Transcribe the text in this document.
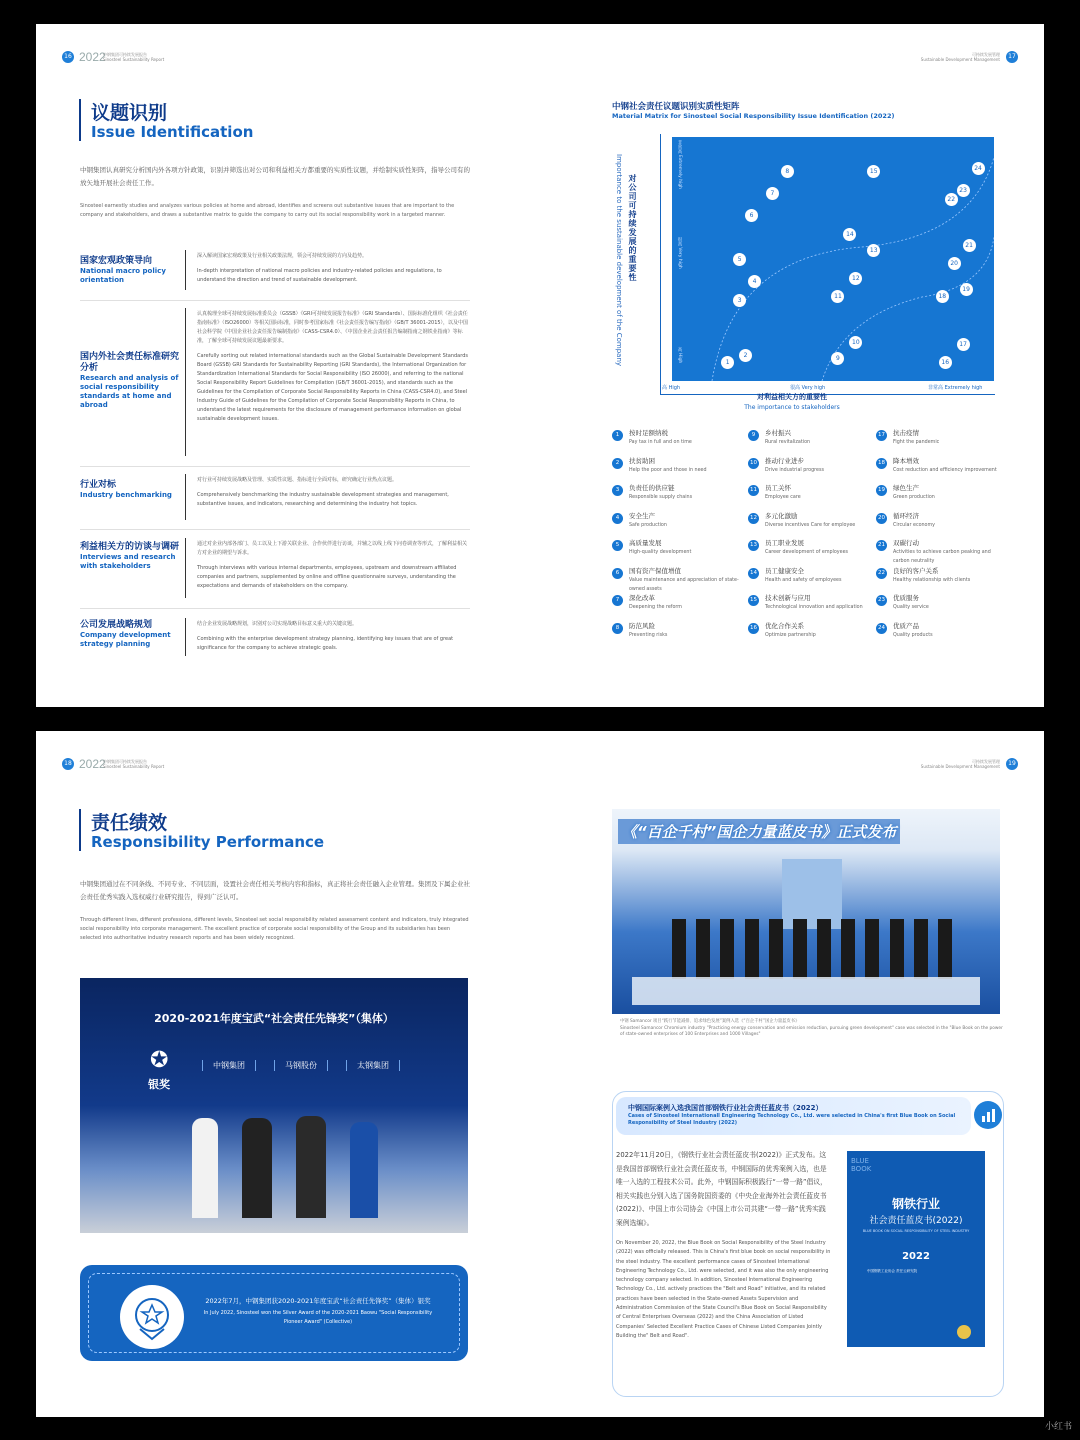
16 2022
中钢集团可持续发展报告
Sinosteel Sustainability Report
议题识别
Issue Identification
中钢集团认真研究分析国内外各项方针政策，识别并筛选出对公司和利益相关方都重要的实质性议题，并绘制实质性矩阵，指导公司有的放矢地开展社会责任工作。
Sinosteel earnestly studies and analyzes various policies at home and abroad, identifies and screens out substantive issues that are important to the company and stakeholders, and draws a substantive matrix to guide the company to carry out its social responsibility work in a targeted manner.
国家宏观政策导向
National macro policy orientation

深入解读国家宏观政策及行业相关政策法规，领会可持续发展的方向及趋势。

In-depth interpretation of national macro policies and industry-related policies and regulations, to understand the direction and trend of sustainable development.

国内外社会责任标准研究分析
Research and analysis of social responsibility standards at home and abroad

认真梳理全球可持续发展标准委员会（GSSB）《GRI可持续发展报告标准》（GRI Standards）、国际标准化组织《社会责任指南标准》（ISO26000）等相关国际标准，同时参考国家标准《社会责任报告编写指南》（GB/T 36001-2015），以及中国社会科学院《中国企业社会责任报告编制指南》（CASS-CSR4.0）、《中国企业社会责任报告编制指南之钢铁业指南》等标准，了解全球可持续发展议题最新要求。

Carefully sorting out related international standards such as the Global Sustainable Development Standards Board (GSSB) GRI Standards for Sustainability Reporting (GRI Standards), the International Organization for Standardization International Standards for Social Responsibility (ISO 26000), and referring to the national Social Responsibility Report Guidelines for Compilation (GB/T 36001-2015), and standards such as the Guidelines for the Compilation of Corporate Social Responsibility Reports in China (CASS-CSR4.0), and Steel Industry Guide of Guidelines for the Compilation of Corporate Social Responsibility Reports in China, to understand the latest requirements for the disclosure of management performance information on global sustainable development issues.

行业对标
Industry benchmarking

对行业可持续发展战略及管理、实质性议题、指标进行全面对标，研究确定行业热点议题。

Comprehensively benchmarking the industry sustainable development strategies and management, substantive issues, and indicators, researching and determining the industry hot topics.

利益相关方的访谈与调研
Interviews and research with stakeholders

通过对企业内部各部门、员工以及上下游关联企业、合作伙伴进行访谈，并辅之以线上线下问卷调查等形式，了解利益相关方对企业的期望与诉求。

Through interviews with various internal departments, employees, upstream and downstream affiliated companies and partners, supplemented by online and offline questionnaire surveys, understanding the expectations and demands of stakeholders on the company.

公司发展战略规划
Company development strategy planning

结合企业发展战略规划，识别对公司实现战略目标意义重大的关键议题。

Combining with the enterprise development strategy planning, identifying key issues that are of great significance for the company to achieve strategic goals.

可持续发展管理
Sustainable Development Management	17
中钢社会责任议题识别实质性矩阵
Material Matrix for Sinosteel Social Responsibility Issue Identification (2022)
Importance to the sustainable development of the Company 对公司可持续发展的重要性
非常高 Extremely high
很高 Very high
高 High	1
2
3
4
5
6
7
8
9
10
11
12
13
14
15
16
17
18
19
20
21
22
23
24
高 High	很高 Very high	非常高 Extremely high
对利益相关方的重要性
The importance to stakeholders
1	按时足额纳税
Pay tax in full and on time
2	扶贫助困
Help the poor and those in need
3	负责任的供应链
Responsible supply chains
4	安全生产
Safe production
5	高质量发展
High-quality development
6	国有资产保值增值
Value maintenance and appreciation of state-owned assets
7	深化改革
Deepening the reform
8	防范风险
Preventing risks
9	乡村振兴
Rural revitalization
10	推动行业进步
Drive industrial progress
11	员工关怀
Employee care
12	多元化激励
Diverse incentives Care for employee
13	员工职业发展
Career development of employees
14	员工健康安全
Health and safety of employees
15	技术创新与应用
Technological innovation and application
16	优化合作关系
Optimize partnership
17	抗击疫情
Fight the pandemic
18	降本增效
Cost reduction and efficiency improvement
19	绿色生产
Green production
20	循环经济
Circular economy
21	双碳行动
Activities to achieve carbon peaking and carbon neutrality
22	良好的客户关系
Healthy relationship with clients
23	优质服务
Quality service
24	优质产品
Quality products
18 2022
中钢集团可持续发展报告
Sinosteel Sustainability Report
责任绩效
Responsibility Performance
中钢集团通过在不同条线、不同专业、不同层面，设置社会责任相关考核内容和指标，真正将社会责任融入企业管理。集团及下属企业社会责任优秀实践入选权威行业研究报告，得到广泛认可。
Through different lines, different professions, different levels, Sinosteel set social responsibility related assessment content and indicators, truly integrated social responsibility into corporate management. The excellent practice of corporate social responsibility of the Group and its subsidiaries has been selected into authoritative industry research reports and has been widely recognized.
2020-2021年度宝武“社会责任先锋奖”（集体）
✪
银奖
中钢集团	马钢股份	太钢集团
2022年7月，中钢集团获2020-2021年度宝武“社会责任先锋奖”（集体）银奖
In July 2022, Sinosteel won the Silver Award of the 2020-2021 Baowu "Social Responsibility Pioneer Award" (Collective)
可持续发展管理
Sustainable Development Management	19
《“百企千村”国企力量蓝皮书》正式发布
中钢 Samancor 项目“践行节能减排、追求绿色发展”案例入选《“百企千村”国企力量蓝皮书》
Sinosteel Samancor Chromium industry "Practicing energy conservation and emission reduction, pursuing green development" case was selected in the "Blue Book on the power of state-owned enterprises of 100 Enterprises and 1000 Villages"
中钢国际案例入选我国首部钢铁行业社会责任蓝皮书（2022）
Cases of Sinosteel Internationall Engineering Technology Co., Ltd. were selected in China's first Blue Book on Social Responsibility of Steel Industry (2022)
2022年11月20日，《钢铁行业社会责任蓝皮书(2022)》正式发布。这是我国首部钢铁行业社会责任蓝皮书，中钢国际的优秀案例入选，也是唯一入选的工程技术公司。此外，中钢国际积极践行“一带一路”倡议，相关实践也分别入选了国务院国资委的《中央企业海外社会责任蓝皮书(2022)》、中国上市公司协会《中国上市公司共建“一带一路”优秀实践案例选编》。
On November 20, 2022, the Blue Book on Social Responsibility of the Steel Industry (2022) was officially released. This is China's first blue book on social responsibility in the steel industry. The excellent performance cases of Sinosteel International Engineering Technology Co., Ltd. were selected, and it was also the only engineering technology company selected. In addition, Sinosteel International Engineering Technology Co., Ltd. actively practices the "Belt and Road" initiative, and its related practices have been selected in the State-owned Assets Supervision and Administration Commission of the State Council's Blue Book on Social Responsibility of Central Enterprises Overseas (2022) and the China Association of Listed Companies' Selected Excellent Practice Cases of Chinese Listed Companies Jointly Building the" Belt and Road".
BLUE BOOK
钢铁行业
社会责任蓝皮书(2022)
BLUE BOOK ON SOCIAL RESPONSIBILITY OF STEEL INDUSTRY
2022
中国钢铁工业协会 责任云研究院
小红书
